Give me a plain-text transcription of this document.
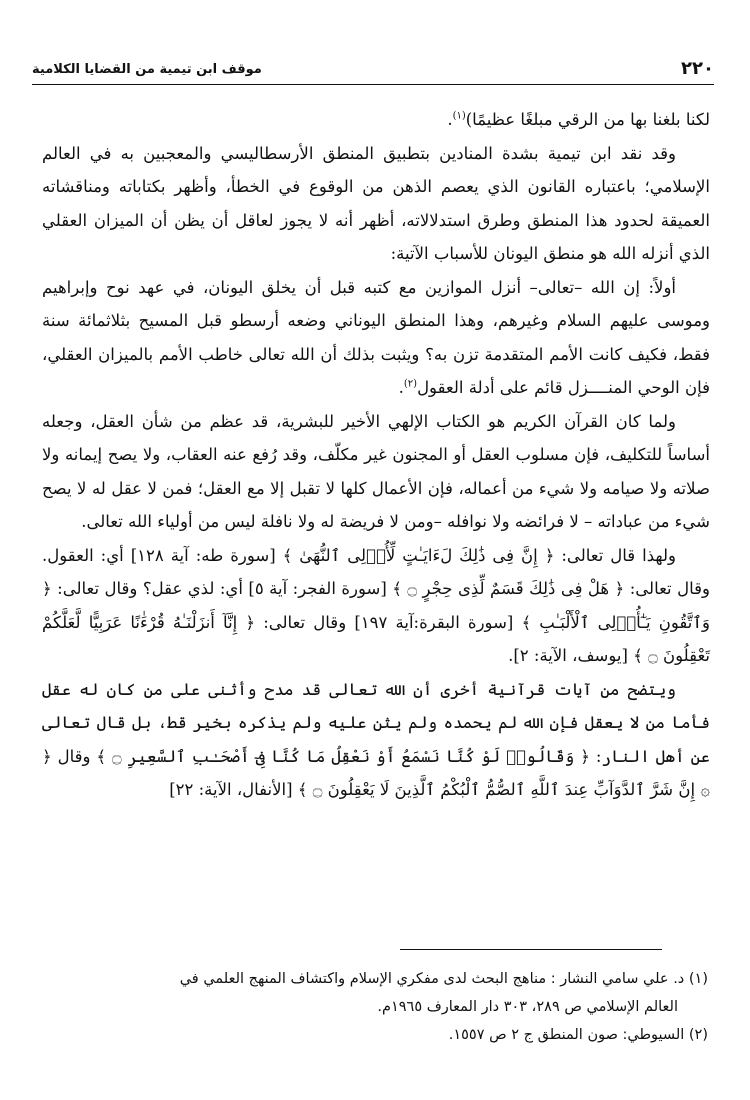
٢٢٠
موقف ابن تيمية من القضايا الكلامية

لكنا بلغنا بها من الرقي مبلغًا عظيمًا)$^{(١)}$.

وقد نقد ابن تيمية بشدة المنادين بتطبيق المنطق الأرسطاليسي والمعجبين به في العالم الإسلامي؛ باعتباره القانون الذي يعصم الذهن من الوقوع في الخطأ، وأظهر بكتاباته ومناقشاته العميقة لحدود هذا المنطق وطرق استدلالاته، أظهر أنه لا يجوز لعاقل أن يظن أن الميزان العقلي الذي أنزله الله هو منطق اليونان للأسباب الآتية:

أولاً: إن الله –تعالى– أنزل الموازين مع كتبه قبل أن يخلق اليونان، في عهد نوح وإبراهيم وموسى عليهم السلام وغيرهم، وهذا المنطق اليوناني وضعه أرسطو قبل المسيح بثلاثمائة سنة فقط، فكيف كانت الأمم المتقدمة تزن به؟ ويثبت بذلك أن الله تعالى خاطب الأمم بالميزان العقلي، فإن الوحي المنــــزل قائم على أدلة العقول$^{(٢)}$.

ولما كان القرآن الكريم هو الكتاب الإلهي الأخير للبشرية، قد عظم من شأن العقل، وجعله أساساً للتكليف، فإن مسلوب العقل أو المجنون غير مكلّف، وقد رُفع عنه العقاب، ولا يصح إيمانه ولا صلاته ولا صيامه ولا شيء من أعماله، فإن الأعمال كلها لا تقبل إلا مع العقل؛ فمن لا عقل له لا يصح شيء من عباداته – لا فرائضه ولا نوافله –ومن لا فريضة له ولا نافلة ليس من أولياء الله تعالى.

ولهذا قال تعالى: ﴿ إِنَّ فِى ذَٰلِكَ لَءَايَـٰتٍ لِّأُو۟لِى ٱلنُّهَىٰ ﴾ [سورة طه: آية ١٢٨] أي: العقول. وقال تعالى: ﴿ هَلْ فِى ذَٰلِكَ قَسَمٌ لِّذِى حِجْرٍ ۝ ﴾ [سورة الفجر: آية ٥] أي: لذي عقل؟ وقال تعالى: ﴿ وَٱتَّقُونِ يَـٰٓأُو۟لِى ٱلْأَلْبَـٰبِ ﴾ [سورة البقرة:آية ١٩٧] وقال تعالى: ﴿ إِنَّآ أَنزَلْنَـٰهُ قُرْءَٰنًا عَرَبِيًّا لَّعَلَّكُمْ تَعْقِلُونَ ۝ ﴾ [يوسف، الآية: ٢].

ويتضح من آيات قرآنية أخرى أن الله تعالى قد مدح وأثنى على من كان له عقل فأما من لا يعقل فإن الله لم يحمده ولم يثن عليه ولم يذكره بخير قط، بل قال تعالى عن أهل النار: ﴿ وَقَالُوا۟ لَوْ كُنَّا نَسْمَعُ أَوْ نَعْقِلُ مَا كُنَّا فِىٓ أَصْحَـٰبِ ٱلسَّعِيرِ ۝ ﴾ وقال ﴿ ۞ إِنَّ شَرَّ ٱلدَّوَآبِّ عِندَ ٱللَّهِ ٱلصُّمُّ ٱلْبُكْمُ ٱلَّذِينَ لَا يَعْقِلُونَ ۝ ﴾ [الأنفال، الآية: ٢٢]

(١) د. علي سامي النشار : مناهج البحث لدى مفكري الإسلام واكتشاف المنهج العلمي في

العالم الإسلامي ص ٢٨٩، ٣٠٣ دار المعارف ١٩٦٥م.

(٢) السيوطي: صون المنطق ج ٢ ص ١٥٥٧.
